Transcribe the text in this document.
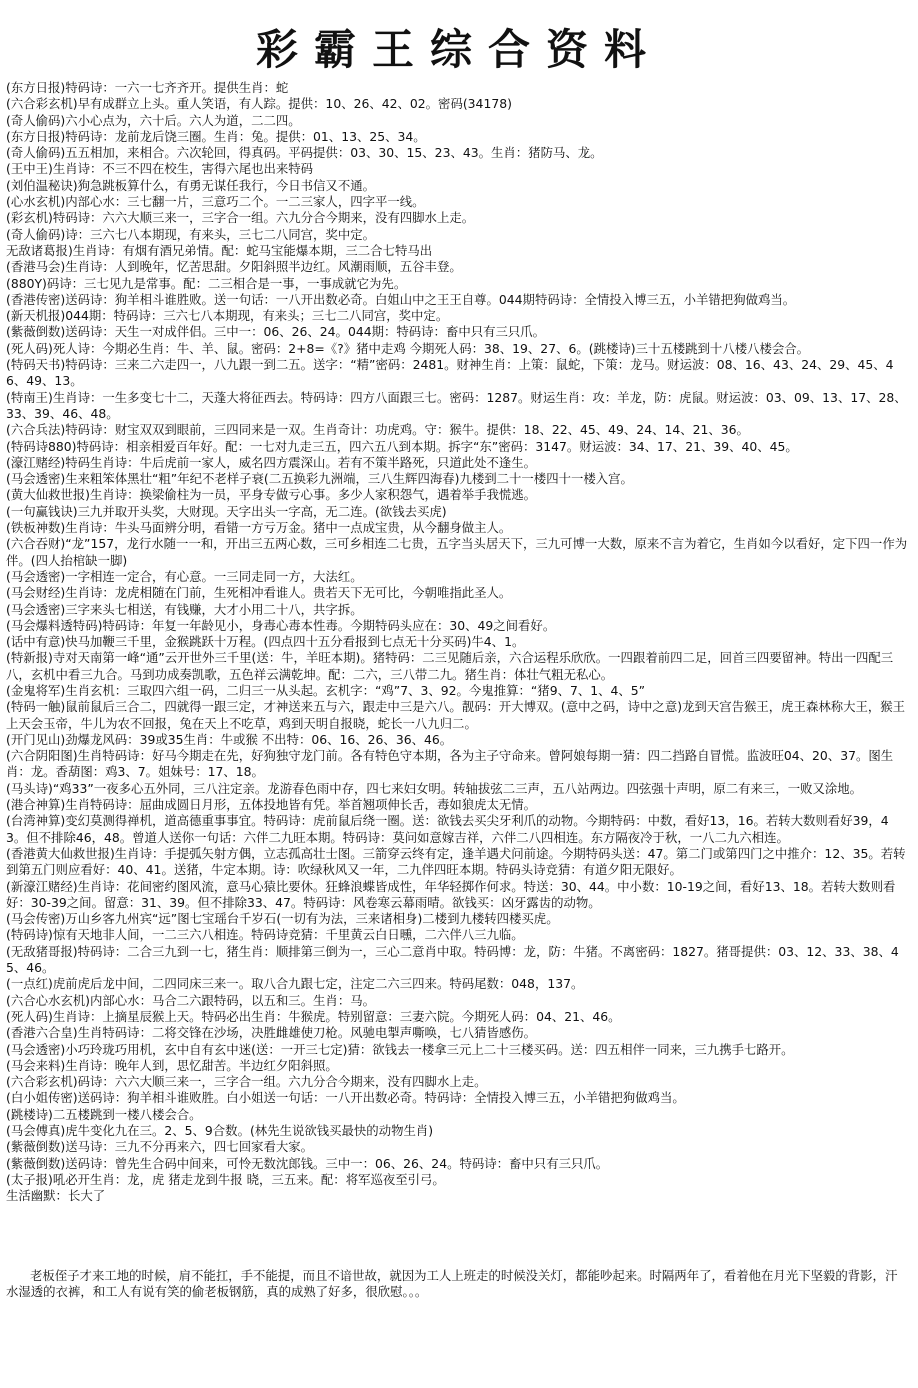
彩霸王综合资料
(东方日报)特码诗：一六一七齐齐开。提供生肖：蛇
(六合彩玄机)早有成群立上头。重人笑语，有人踪。提供：10、26、42、02。密码(34178)
(奇人偷码)六小心点为，六十后。六人为道，二二四。
(东方日报)特码诗：龙前龙后饶三圈。生肖：兔。提供：01、13、25、34。
(奇人偷码)五五相加，来相合。六次轮回，得真码。平码提供：03、30、15、23、43。生肖：猪防马、龙。
(王中王)生肖诗：不三不四在校生，害得六尾也出来特码
(刘伯温秘诀)狗急跳板算什么，有勇无谋任我行，今日书信又不通。
(心水玄机)内部心水：三七翻一片，三意巧二个。一二三家人，四字平一线。
(彩玄机)特码诗：六六大顺三来一，三字合一组。六九分合今期来，没有四脚水上走。
(奇人偷码)诗：三六七八本期现，有来头，三七二八同宫，奖中定。
无敌诸葛报)生肖诗：有烟有酒兄弟情。配：蛇马宝能爆本期，三二合七特马出
(香港马会)生肖诗：人到晚年，忆苦思甜。夕阳斜照半边红。风潮雨顺，五谷丰登。
(880Y)码诗：三七见九是常事。配：二三相合是一事，一事成就它为先。
(香港传密)送码诗：狗羊相斗谁胜败。送一句话：一八开出数必奇。白姐山中之王王自尊。044期特码诗：全情投入博三五，小羊错把狗做鸡当。
(新天机报)044期：特码诗：三六七八本期现，有来头；三七二八同宫，奖中定。
(紫薇倒数)送码诗：天生一对成伴侣。三中一：06、26、24。044期：特码诗：畜中只有三只爪。
(死人码)死人诗：今期必生肖：牛、羊、鼠。密码：2+8=《?》猪中走鸡 今期死人码：38、19、27、6。(跳楼诗)三十五楼跳到十八楼八楼会合。
(特码天书)特码诗：三来二六走四一，八九跟一到二五。送字：“精”密码：2481。财神生肖：上策：鼠蛇，下策：龙马。财运波：08、16、43、24、29、45、46、49、13。
(特南王)生肖诗：一生多变七十二，天蓬大将征西去。特码诗：四方八面跟三七。密码：1287。财运生肖：攻：羊龙，防：虎鼠。财运波：03、09、13、17、28、33、39、46、48。
(六合兵法)特码诗：财宝双双到眼前，三四同来是一双。生肖奇计：功虎鸡。守：猴牛。提供：18、22、45、49、24、14、21、36。
(特码诗880)特码诗：相亲相爱百年好。配：一七对九走三五，四六五八到本期。拆字“东”密码：3147。财运波：34、17、21、39、40、45。
(濠江赌经)特码生肖诗：牛后虎前一家人，威名四方震深山。若有不策半路死，只道此处不逢生。
(马会透密)生来粗笨体黑壮“粗”年纪不老样子衰(二五换彩九洲端，三八生辉四海春)九楼到二十一楼四十一楼入宫。
(黄大仙救世报)生肖诗：换梁偷柱为一员，平身专做亏心事。多少人家积怨气，遇着举手我慌逃。
(一句赢钱诀)三九并取开头奖，大财现。天字出头一字高，无二连。(欲钱去买虎)
(铁板神数)生肖诗：牛头马面辨分明，看错一方亏万金。猪中一点成宝贵，从今翻身做主人。
(六合吞财)“龙”157，龙行水随一一和，开出三五两心数，三可乡相连二七贵，五字当头居天下，三九可博一大数，原来不言为着它，生肖如今以看好，定下四一作为伴。(四人抬棺缺一脚)
(马会透密)一字相连一定合，有心意。一三同走同一方，大法红。
(马会财经)生肖诗：龙虎相随在门前，生死相冲看谁人。贵若天下无可比，今朝唯指此圣人。
(马会透密)三字来头七相送，有钱赚，大才小用二十八，共字拆。
(马会爆料透特码)特码诗：年复一年龄见小，身毒心毒本性毒。今期特码头应在：30、49之间看好。
(话中有意)快马加鞭三千里，金猴跳跃十万程。(四点四十五分看报到七点无十分买码)牛4、1。
(特新报)寺对天南第一峰“通”云开世外三千里(送：牛，羊旺本期)。猪特码：二三见随后亲，六合运程乐欣欣。一四跟着前四二足，回首三四要留神。特出一四配三八，玄机中看三九合。马到功成奏凯歌，五色祥云满乾坤。配：二六，三八带二九。猪生肖：体壮气粗无私心。
(金鬼将军)生肖玄机：三取四六组一码，二归三一从头起。玄机字：“鸡”7、3、92。今鬼推算：“猪9、7、1、4、5”
(特码一触)鼠前鼠后三合二，四就得一跟三定，才神送来五与六，跟走中三是六八。靓码：开大博双。(意中之码，诗中之意)龙到天宫告猴王，虎王森林称大王，猴王上天会玉帝，牛儿为农不回报，兔在天上不吃草，鸡到天明自报晓，蛇长一八九归二。
(开门见山)劲爆龙风码：39或35生肖：牛或猴 不出特：06、16、26、36、46。
(六合阴阳图)生肖特码诗：好马今期走在先，好狗独守龙门前。各有特色守本期，各为主子守命来。曾阿娘每期一猜：四二挡路自冒慌。监波旺04、20、37。图生肖：龙。香葫图：鸡3、7。姐妹号：17、18。
(马头诗)“鸡33”一夜多心五外同，三八注定亲。龙游春色雨中存，四七来妇女明。转轴拔弦二三声，五八站两边。四弦强十声明，原二有来三，一败又涂地。
(港合神算)生肖特码诗：屈曲成圆日月形，五体投地皆有凭。举首翘项伸长舌，毒如狼虎太无情。
(台湾神算)变幻莫测得禅机，道高德重事事宜。特码诗：虎前鼠后绕一圈。送：欲钱去买尖牙利爪的动物。今期特码：中数，看好13，16。若转大数则看好39，43。但不排除46，48。曾道人送你一句话：六伴二九旺本期。特码诗：莫问如意嫁吉祥，六伴二八四相连。东方隔夜冷于秋，一八二九六相连。
(香港黄大仙救世报)生肖诗：手提弧矢射方偶，立志孤高壮士图。三箭穿云终有定，逢羊遇犬问前途。今期特码头送：47。第二门或第四门之中推介：12、35。若转到第五门则应看好：40、41。送猪，牛定本期。诗：吹绿秋风又一年，二九伴四旺本期。特码头诗竞猜：有道夕阳无限好。
(新濠江赌经)生肖诗：花间密约图风流，意马心猿比要休。狂蜂浪蝶皆成性，年华轻掷作何求。特送：30、44。中小数：10-19之间，看好13、18。若转大数则看好：30-39之间。留意：31、39。但不排除33、47。特码诗：风卷寒云幕雨晴。欲钱买：凶牙露齿的动物。
(马会传密)万山乡客九州宾“远”图七宝瑶台千岁石(一切有为法，三来诸相身)二楼到九楼转四楼买虎。
(特码诗)惊有天地非人间，一二三六八相连。特码诗竞猜：千里黄云白日曛，二六伴八三九临。
(无敌猪哥报)特码诗：二合三九到一七，猪生肖：顺排第三倒为一，三心二意肖中取。特码博：龙，防：牛猪。不离密码：1827。猪哥提供：03、12、33、38、45、46。
(一点红)虎前虎后龙中间，二四同床三来一。取八合九跟七定，注定二六三四来。特码尾数：048，137。
(六合心水玄机)内部心水：马合二六跟特码，以五和三。生肖：马。
(死人码)生肖诗：上摘星辰猴上天。特码必出生肖：牛猴虎。特别留意：三妻六院。今期死人码：04、21、46。
(香港六合皇)生肖特码诗：二将交锋在沙场，决胜雌雄使刀枪。风驰电掣声嘶唤，七八猜皆感伤。
(马会透密)小巧玲珑巧用机，玄中自有玄中迷(送：一开三七定)猜：欲钱去一楼拿三元上二十三楼买码。送：四五相伴一同来，三九携手七路开。
(马会来料)生肖诗：晚年人到，思忆甜苦。半边红夕阳斜照。
(六合彩玄机)码诗：六六大顺三来一，三字合一组。六九分合今期来，没有四脚水上走。
(白小姐传密)送码诗：狗羊相斗谁败胜。白小姐送一句话：一八开出数必奇。特码诗：全情投入博三五，小羊错把狗做鸡当。
(跳楼诗)二五楼跳到一楼八楼会合。
(马会傅真)虎牛变化九在三。2、5、9合数。(林先生说欲钱买最快的动物生肖)
(紫薇倒数)送马诗：三九不分再来六，四七回家看大家。
(紫薇倒数)送码诗：曾先生合码中间来，可怜无数沈郎钱。三中一：06、26、24。特码诗：畜中只有三只爪。
(太子报)吼必开生肖：龙，虎 猪走龙到牛报 晓，三五来。配：将军巡夜至引弓。
生活幽默：长大了

老板侄子才来工地的时候，肩不能扛，手不能提，而且不谙世故，就因为工人上班走的时候没关灯，都能吵起来。时隔两年了，看着他在月光下坚毅的背影，汗水湿透的衣裤，和工人有说有笑的偷老板钢筋，真的成熟了好多，很欣慰。。。
